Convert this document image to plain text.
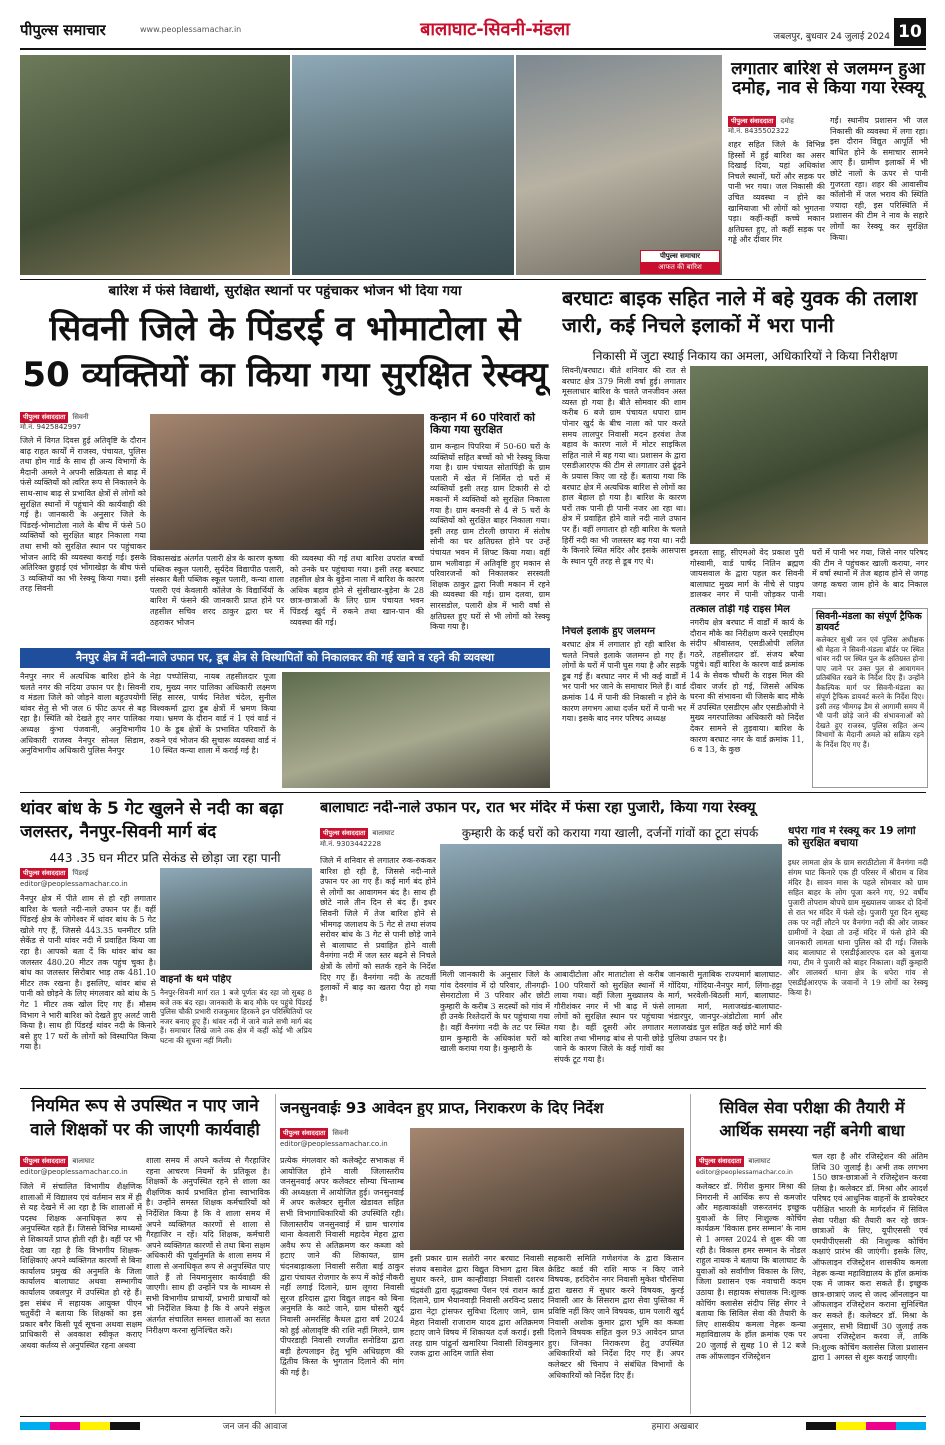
पीपुल्स समाचार	www.peoplessamachar.in	बालाघाट-सिवनी-मंडला	जबलपुर, बुधवार 24 जुलाई 2024 10
पीपुल्स समाचार
आफत की बारिश
लगातार बारिश से जलमग्न हुआ दमोह, नाव से किया गया रेस्क्यू
पीपुल्स संवाददाता	दमोह
मो.नं. 8435502322
शहर सहित जिले के विभिन्न हिस्सों में हुई बारिश का असर दिखाई दिया, यहां अधिकांश निचले स्थानों, घरों और सड़क पर पानी भर गया। जल निकासी की उचित व्यवस्था न होने का खामियाजा भी लोगों को भुगतना पड़ा। कहीं-कहीं कच्चे मकान क्षतिग्रस्त हुए, तो कहीं सड़क पर गड्ढे और दीवार गिर
गईं। स्थानीय प्रशासन भी जल निकासी की व्यवस्था में लगा रहा। इस दौरान विद्युत आपूर्ति भी बाधित होने के समाचार सामने आए हैं। ग्रामीण इलाकों में भी छोटे नालों के ऊपर से पानी गुजरता रहा। शहर की आवासीय कॉलोनी में जल भराव की स्थिति ज्यादा रही, इस परिस्थिति में प्रशासन की टीम ने नाव के सहारे लोगों का रेस्क्यू कर सुरक्षित किया।
बारिश में फंसे विद्यार्थी, सुरक्षित स्थानों पर पहुंचाकर भोजन भी दिया गया
सिवनी जिले के पिंडरई व भोमाटोला से 50 व्यक्तियों का किया गया सुरक्षित रेस्क्यू
पीपुल्स संवाददाता	सिवनी
मो.नं. 9425842997
जिले में विगत दिवस हुई अतिवृष्टि के दौरान बाढ़ राहत कार्यों में राजस्व, पंचायत, पुलिस तथा होम गार्ड के साथ ही अन्य विभागों के मैदानी अमले ने अपनी सक्रियता से बाढ़ में फंसे व्यक्तियों को त्वरित रूप से निकालने के साथ-साथ बाढ़ से प्रभावित क्षेत्रों से लोगों को सुरक्षित स्थानों में पहुंचाने की कार्यवाही की गई है। जानकारी के अनुसार जिले के पिंडरई-भोमाटोला नाले के बीच में फंसे 50 व्यक्तियों को सुरक्षित बाहर निकाला गया तथा सभी को सुरक्षित स्थान पर पहुंचाकर भोजन आदि की व्यवस्था कराई गई। इसके अतिरिक्त छुहाई एवं भोंगाखेड़ा के बीच फंसे 3 व्यक्तियों का भी रेस्क्यू किया गया। इसी तरह सिवनी
कन्हान में 60 परिवारों को किया गया सुरक्षित
ग्राम कन्हान पिपरिया में 50-60 घरों के व्यक्तियों सहित बच्चों को भी रेस्क्यू किया गया है। ग्राम पंचायत सोतापिंड़ी के ग्राम पलारी में खेत में निर्मित दो घरों में व्यक्तियों इसी तरह ग्राम टिकारी से दो मकानों में व्यक्तियों को सुरक्षित निकाला गया है। ग्राम बनवनी से 4 से 5 घरों के व्यक्तियों को सुरक्षित बाहर निकाला गया। इसी तरह ग्राम टोरली छापारा में संतोष सोनी का घर क्षतिग्रस्त होने पर उन्हें पंचायत भवन में शिफ्ट किया गया। वहीं ग्राम भलीवाड़ा में अतिवृष्टि हुए मकान से परिवारजनों को निकालकर सरस्वती शिक्षक ठाकुर द्वारा निजी मकान में रहने की व्यवस्था की गई। ग्राम दलवा, ग्राम सारसडोल, पलारी क्षेत्र में भारी वर्षा से क्षतिग्रस्त हुए घरों से भी लोगों को रेस्क्यू किया गया है।
नैनपुर क्षेत्र में नदी-नाले उफान पर, डूब क्षेत्र से विस्थापितों को निकालकर की गई खाने व रहने की व्यवस्था
नैनपुर नगर में अत्यधिक बारिश होने के चलते नगर की नदिया उफान पर है। सिवनी व मंडला जिले को जोड़ने वाला बहुउपयोगी थांवर सेतु से भी जल 6 फीट ऊपर से बह रहा है। स्थिति को देखते हुए नगर पालिका अध्यक्ष कुंभा पंजवानी, अनुविभागीय अधिकारी राजस्व नैनपुर सोनल सिडाम, अनुविभागीय अधिकारी पुलिस नैनपुर
नेहा पच्पोसिया, नायब तहसीलदार पूजा राय, मुख्य नगर पालिका अधिकारी लक्ष्मण सिंह सारस, पार्षद नितेश चंदेल, सुनील विश्वकर्मा द्वारा डूब क्षेत्रों में भ्रमण किया गया। भ्रमण के दौरान वार्ड नं 1 एवं वार्ड नं 10 के डूब क्षेत्रों के प्रभावित परिवारों के रुकने एवं भोजन की सुचारू व्यवस्था वार्ड नं 10 स्थित कन्या शाला में कराई गई है।
बरघाटः बाइक सहित नाले में बहे युवक की तलाश जारी, कई निचले इलाकों में भरा पानी
निकासी में जुटा स्थाई निकाय का अमला, अधिकारियों ने किया निरीक्षण
सिवनी/बरघाट। बीते शनिवार की रात से बरघाट क्षेत्र 379 मिली वर्षा हुई। लगातार मूसलाधार बारिश के चलते जनजीवन अस्त व्यस्त हो गया है। बीते सोमवार की शाम करीब 6 बजे ग्राम पंचायत धपारा ग्राम पोनार खुर्द के बीच नाला को पार करते समय लालपुर निवासी मदन हरवंश तेज बहाव के कारण नाले में मोटर साइकिल सहित नाले में बह गया था। प्रशासन के द्वारा एसडीआरएफ की टीम से लगातार उसे ढूंढ़ने के प्रयास किए जा रहे हैं। बताया गया कि बरघाट क्षेत्र में अत्यधिक बारिश से लोगों का हाल बेहाल हो गया है। बारिश के कारण घरों तक पानी ही पानी नजर आ रहा था। क्षेत्र में प्रवाहित होने वाले नदी नाले उफान पर हैं। वहीं लगातार हो रही बारिश के चलते हिर्री नदी का भी जलस्तर बढ़ गया था। नदी के किनारे स्थित मंदिर और इसके आसपास के स्थान पूरी तरह से डूब गए थे।
इमरता साहू, सीएमओ वेद प्रकाश पुरी गोस्वामी, वार्ड पार्षद नितिन ब्रह्मण जायसवाल के द्वारा पहल कर सिवनी बालाघाट मुख्य मार्ग के नीचे से पाइप डालकर नगर में पानी जोड़कर पानी
घरों में पानी भर गया, जिसे नगर परिषद की टीम ने पहुंचकर खाली कराया, नगर में वर्षा स्थानों में तेज बहाव होने से जगह जगह कचरा जाम होने के बाद निकाल गया।
निचले इलाके हुए जलमग्न
बरघाट क्षेत्र में लगातार हो रही बारिश के चलते निचले इलाके जलमग्न हो गए हैं। लोगों के घरों में पानी घुस गया है और सड़कें डूब गई हैं। बरघाट नगर में भी कई वार्डों में भर पानी भर जाने के समाचार मिले हैं। वार्ड क्रमांक 14 में पानी की निकासी न होने के कारण लगभग आधा दर्जन घरों में पानी भर गया। इसके बाद नगर परिषद अध्यक्ष
तत्काल तोड़ी गई राइस मिल
नगरीय क्षेत्र बरघाट में वार्डों में कार्य के दौरान मौके का निरीक्षण करने एसडीएम संदीप श्रीवास्तव, एसडीओपी ललित गठरे, तहसीलदार डॉ. संजय बरैया पहुंचे। वहीं बारिश के कारण वार्ड क्रमांक 14 के सेवक चौधरी के राइस मिल की दीवार जर्जर हो गई, जिससे अधिक घरना की संभावना थी जिसके बाद मौके में उपस्थित एसडीएम और एसडीओपी ने मुख्य नगरपालिका अधिकारी को निर्देश देकर सामने से तुड़वाया। बारिश के कारण बरघाट नगर के वार्ड क्रमांक 11, 6 व 13, के कुछ
सिवनी-मंडला का संपूर्ण ट्रैफिक डायवर्ट
कलेक्टर सुश्री जन एवं पुलिस अधीक्षक श्री मेहता ने सिवनी-मंडला बॉर्डर पर स्थित थांवर नदी पर स्थित पुल के क्षतिग्रस्त होना पाए जाने पर उक्त पुल से आवागमन प्रतिबंधित रखने के निर्देश दिए हैं। उन्होंने वैकल्पिक मार्ग पर सिवनी-मंडला का संपूर्ण ट्रैफिक डायवर्ट करने के निर्देश दिए। इसी तरह भीमगढ़ डैम से आगामी समय में भी पानी छोड़े जाने की संभावनाओं को देखते हुए राजस्व, पुलिस सहित अन्य विभागों के मैदानी अमले को सक्रिय रहने के निर्देश दिए गए हैं।
थांवर बांध के 5 गेट खुलने से नदी का बढ़ा जलस्तर, नैनपुर-सिवनी मार्ग बंद
443 .35 घन मीटर प्रति सेकंड से छोड़ा जा रहा पानी
पीपुल्स संवाददाता	पिंडरई
editor@peoplessamachar.co.in
नैनपुर क्षेत्र में पीते शाम से हो रही लगातार बारिश के चलते नदी-नाले उफान पर हैं। वहीं पिंडरई क्षेत्र के जोगेश्वर में थांवर बांध के 5 गेट खोले गए हैं, जिससे 443.35 घनमीटर प्रति सेकेंड से पानी थांवर नदी में प्रवाहित किया जा रहा है। आपको बता दें कि थांवर बांध का जलस्तर 480.20 मीटर तक पहुंच चुका है। बांध का जलस्तर सिरोबार भाड़ तक 481.10 मीटर तक रखना है। इसलिए, थांवर बांध से पानी को छोड़ने के लिए मंगलवार को बांध के 5 गेट 1 मीटर तक खोल दिए गए हैं। मौसम विभाग ने भारी बारिश को देखते हुए अलर्ट जारी किया है। साथ ही पिंडरई थांवर नदी के किनारे बसे हुए 17 घरों के लोगों को विस्थापित किया गया है।
वाहनों के थमे पहिए
नैनपुर-सिवनी मार्ग रात 1 बजे पूर्णतः बंद रहा जो सुबह 8 बजे तक बंद रहा। जानकारी के बाद मौके पर पहुंचे पिंडरई पुलिस चौकी प्रभारी राजकुमार हिरकने इन परिस्थितियों पर नजर बनाए हुए हैं। थांवर नदी में जाने वाले सभी मार्ग बंद हैं। समाचार लिखे जाने तक क्षेत्र में कहीं कोई भी अप्रिय घटना की सूचना नहीं मिली।
बालाघाटः नदी-नाले उफान पर, रात भर मंदिर में फंसा रहा पुजारी, किया गया रेस्क्यू
कुम्हारी के कई घरों को कराया गया खाली, दर्जनों गांवों का टूटा संपर्क
पीपुल्स संवाददाता	बालाघाट
मो.नं. 9303442228
जिले में शनिवार से लगातार रुक-रुककर बारिश हो रही है, जिससे नदी-नाले उफान पर आ गए हैं। कई मार्ग बंद होने से लोगों का आवागमन बंद है। साथ ही छोटे नाले तीन दिन से बंद हैं। इधर सिवनी जिले में तेज बारिश होने से भीमगढ़ जलाशय के 5 गेट से तथा संजय सरोवर बांध के 3 गेट से पानी छोड़े जाने से बालाघाट से प्रवाहित होने वाली वैनगंगा नदी में जल स्तर बढ़ने से निचले क्षेत्रों के लोगों को सतर्क रहने के निर्देश दिए गए हैं। वैनगंगा नदी के तटवर्ती इलाकों में बाढ़ का खतरा पैदा हो गया है।
मिली जानकारी के अनुसार जिले के गांव देवरगांव में दो परिवार, तीनगढ़ी-सेमराटोला में 3 परिवार और छोटी कुम्हारी के करीब 3 सदस्यों को गांव में ही उनके रिश्तेदारों के घर पहुंचाया गया है। वहीं वैनगंगा नदी के तट पर स्थित ग्राम कुम्हारी के अधिकांश घरों को खाली कराया गया है। कुम्हारी के
आबादीटोला और माताटोला से करीब 100 परिवारों को सुरक्षित स्थानों में लाया गया। वहीं जिला मुख्यालय के गौरीशंकर नगर में भी बाढ़ में फंसे लोगों को सुरक्षित स्थान पर पहुंचाया गया है। वहीं दूसरी ओर लगातार बारिश तथा भीमगढ़ बांध से पानी छोड़े जाने के कारण जिले के कई गांवों का संपर्क टूट गया है।
जानकारी मुताबिक राज्यमार्ग बालाघाट-गोंदिया, गोंदिया-नैनपुर मार्ग, लिंगा-हट्टा मार्ग, भरवेली-बिठली मार्ग, बालाघाट-लामता मार्ग, मलाजखंड-बालाघाट-भंडारपुर, जानपुर-अंडोटोला मार्ग और मलाजखंड पुल सहित कई छोटे मार्ग की पुलिया उफान पर है।
धपेरा गांव में रेस्क्यू कर 19 लोगों को सुरक्षित बचाया
इधर लामता क्षेत्र के ग्राम सराठीटोला में वैनगंगा नदी संगम घाट किनारे एक ही परिसर में श्रीराम व शिव मंदिर है। सावन मास के पहले सोमवार को ग्राम सहित बाहर के लोग पूजा करने गए, 92 वर्षीय पुजारी तोपराम बोपचे ग्राम मुख्यालय जाकर दो दिनों से रात भर मंदिर में फंसे रहे। पुजारी पूरा दिन सुबह तक पर नहीं लौटने पर वैनगंगा नदी की ओर जाकर ग्रामीणों ने देखा तो उन्हें मंदिर में फंसे होने की जानकारी लामता थाना पुलिस को दी गई। जिसके बाद बालाघाट से एसडीईआरएफ दल को बुलाया गया, टीम ने पुजारी को बाहर निकाला। वहीं कुम्हारी और लालबर्रा थाना क्षेत्र के धपेरा गांव से एसडीईआरएफ के जवानों ने 19 लोगों का रेस्क्यू किया है।
नियमित रूप से उपस्थित न पाए जाने वाले शिक्षकों पर की जाएगी कार्यवाही
पीपुल्स संवाददाता	बालाघाट
editor@peoplessamachar.co.in
जिले में संचालित विभागीय शैक्षणिक शालाओं में विद्यालय एवं वर्तमान सत्र में ही से यह देखने में आ रहा है कि शालाओं में पदस्थ शिक्षक अनाधिकृत रूप से अनुपस्थित रहते हैं। जिससे विभिन्न माध्यमों से शिकायतें प्राप्त होती रही है। वहीं पर भी देखा जा रहा है कि विभागीय शिक्षक-शिक्षिकाएं अपने व्यक्तिगत कारणों से बिना कार्यालय प्रमुख की अनुमति के जिला कार्यालय बालाघाट अथवा सम्भागीय कार्यालय जबलपुर में उपस्थित हो रहे हैं। इस संबंध में सहायक आयुक्त पीएन चतुर्वेदी ने बताया कि शिक्षकों का इस प्रकार बगैर किसी पूर्व सूचना अथवा सक्षम प्राधिकारी से अवकाश स्वीकृत कराए अथवा कर्तव्य से अनुपस्थित रहना अथवा
शाला समय में अपने कर्तव्य से गैरहाजिर रहना आचरण नियमों के प्रतिकूल है। शिक्षकों के अनुपस्थित रहने से शाला का शैक्षणिक कार्य प्रभावित होना स्वाभाविक है। उन्होंने समस्त शिक्षक कर्मचारियों को निर्देशित किया है कि वे शाला समय में अपने व्यक्तिगत कारणों से शाला से गैरहाजिर न रहें। यदि शिक्षक, कर्मचारी अपने व्यक्तिगत कारणों से तथा बिना सक्षम अधिकारी की पूर्वानुमति के शाला समय में शाला से अनाधिकृत रूप से अनुपस्थित पाए जाते हैं तो नियमानुसार कार्यवाही की जाएगी। साथ ही उन्होंने पत्र के माध्यम से सभी विभागीय प्राचार्यों, प्रभारी प्राचार्यों को भी निर्देशित किया है कि वे अपने संकुल अंतर्गत संचालित समस्त शालाओं का सतत निरीक्षण करना सुनिश्चित करें।
जनसुनवाईः 93 आवेदन हुए प्राप्त, निराकरण के दिए निर्देश
पीपुल्स संवाददाता	सिवनी
editor@peoplessamachar.co.in
प्रत्येक मंगलवार को कलेक्ट्रेट सभाकक्ष में आयोजित होने वाली जिलास्तरीय जनसुनवाई अपर कलेक्टर सौम्या चिन्ताम्ब की अध्यक्षता में आयोजित हुई। जनसुनवाई में अपर कलेक्टर सुनील खेडावत सहित सभी विभागाधिकारियों की उपस्थिति रही। जिलास्तरीय जनसुनवाई में ग्राम चारगांव थाना केवलारी निवासी महादेव मेहरा द्वारा अवैध रूप से अतिक्रमण कर कब्जा को हटाए जाने की शिकायत, ग्राम चंदनबाड़ाकला निवासी सरीता बाई ठाकुर द्वारा पंचायत रोजगार के रूप में कोई नौकरी नहीं लगाई दिलाने, ग्राम लूगरा निवासी सूरज हरिदास द्वारा विद्युत लाइन को बिना अनुमति के काटे जाने, ग्राम घोसरी खुर्द निवासी अमरसिंह कैथल द्वारा वर्ष 2024 को हुई ओलावृष्टि की राशि नहीं मिलने, ग्राम पीपरडाही निवासी रणजीत सनोडिया द्वारा बड़ी हेल्पलाइन हेतु भूमि अधिग्रहण की द्वितीय किस्त के भुगतान दिलाने की मांग की गई है।
इसी प्रकार ग्राम सतोरी नगर बरघाट निवासी संजय बसावेल द्वारा विद्युत विभाग द्वारा बिल सुधार करने, ग्राम कान्हीवाड़ा निवासी दशरथ चंद्रवंशी द्वारा वृद्धावस्था पेंशन एवं राशन कार्ड दिलाने, ग्राम भैयानवाड़ी निवासी अरविन्द प्रसाद द्वारा नेट्रा ट्रांसफर सुविधा दिलाए जाने, ग्राम मेहरा निवासी राजाराम यादव द्वारा अतिक्रमण हटाए जाने विषय में शिकायत दर्ज कराई। इसी तरह ग्राम पांढुर्ना खमारिया निवासी शिवकुमार रजक द्वारा आदिम जाति सेवा
सहकारी समिति गणेशगंज के द्वारा किसान क्रेडिट कार्ड की राशि माफ न किए जाने विषयक, हरदिरोन नगर निवासी मुकेश चौरसिया द्वारा खसरा में सुधार करने विषयक, कुरई निवासी आर के सिसराम द्वारा सेवा पुस्तिका में प्रविष्टि नहीं किए जाने विषयक, ग्राम पलारी खुर्द निवासी अशोक कुमार द्वारा भूमि का कब्जा दिलाने विषयक सहित कुल 93 आवेदन प्राप्त हुए। जिनका निराकरण हेतु उपस्थित अधिकारियों को निर्देश दिए गए हैं। अपर कलेक्टर श्री चिनाप ने संबंधित विभागों के अधिकारियों को निर्देश दिए हैं।
सिविल सेवा परीक्षा की तैयारी में आर्थिक समस्या नहीं बनेगी बाधा
पीपुल्स संवाददाता	बालाघाट
editor@peoplessamachar.co.in
कलेक्टर डॉ. गिरीश कुमार मिश्रा की निगरानी में आर्थिक रूप से कमजोर और महत्वाकांक्षी जरूरतमंद इच्छुक युवाओं के लिए निःशुल्क कोचिंग कार्यक्रम 'विकास हमर सम्मान' के नाम से 1 अगस्त 2024 से शुरू की जा रही है। विकास हमर सम्मान के नोडल राहुल नायक ने बताया कि बालाघाट के युवाओं को सर्वांगीण विकास के लिए, जिला प्रशासन एक नवाचारी कदम उठाया है। सहायक संचालक नि:शुल्क कोचिंग क्लासेस संदीप सिंह सेंगर ने बताया कि सिविल सेवा की तैयारी के लिए शासकीय कमला नेहरू कन्या महाविद्यालय के हॉल क्रमांक एक पर 20 जुलाई से सुबह 10 से 12 बजे तक ऑफलाइन रजिस्ट्रेशन
चल रहा है और रजिस्ट्रेशन की अंतिम तिथि 30 जुलाई है। अभी तक लगभग 150 छात्र-छात्राओं ने रजिस्ट्रेशन करवा लिया है। कलेक्टर डॉ. मिश्रा और आदर्श परिषद एवं आधुनिक वाहनों के डायरेक्टर परीक्षित भारती के मार्गदर्शन में सिविल सेवा परीक्षा की तैयारी कर रहे छात्र-छात्राओं के लिए, यूपीएससी एवं एमपीपीएससी की निःशुल्क कोचिंग कक्षाएं प्रारंभ की जाएंगी। इसके लिए, ऑफलाइन रजिस्ट्रेशन शासकीय कमला नेहरू कन्या महाविद्यालय के हॉल क्रमांक एक में जाकर करा सकते हैं। इच्छुक छात्र-छात्राएं जल्द से जल्द ऑनलाइन या ऑफलाइन रजिस्ट्रेशन कराना सुनिश्चित कर सकते हैं। कलेक्टर डॉ. मिश्रा के अनुसार, सभी विद्यार्थी 30 जुलाई तक अपना रजिस्ट्रेशन करवा लें, ताकि नि:शुल्क कोचिंग क्लासेस जिला प्रशासन द्वारा 1 अगस्त से शुरू कराई जाएगी।
जन जन की आवाज	हमारा अखबार
विकासखंड अंतर्गत पलारी क्षेत्र के कारण कृष्णा पब्लिक स्कूल पलारी, सुर्यदेव विद्यापीठ पलारी, संस्कार बैली पब्लिक स्कूल पलारी, कन्या शाला पलारी एवं केवलारी कॉलेज के विद्यार्थियों के बारिश में फंसने की जानकारी प्राप्त होने पर तहसील सचिव शरद ठाकुर द्वारा घर में ठहराकर भोजन
की व्यवस्था की गई तथा बारिश उपरांत बच्चों को उनके घर पहुंचाया गया। इसी तरह बरघाट तहसील क्षेत्र के बुड़ेना नाला में बारिश के कारण अधिक बहाव होने से सुंसीखार-बुड़ेना के 28 छात्र-छात्राओं के लिए ग्राम पंचायत भवन पिंडरई खुर्द में रुकने तथा खान-पान की व्यवस्था की गई।
